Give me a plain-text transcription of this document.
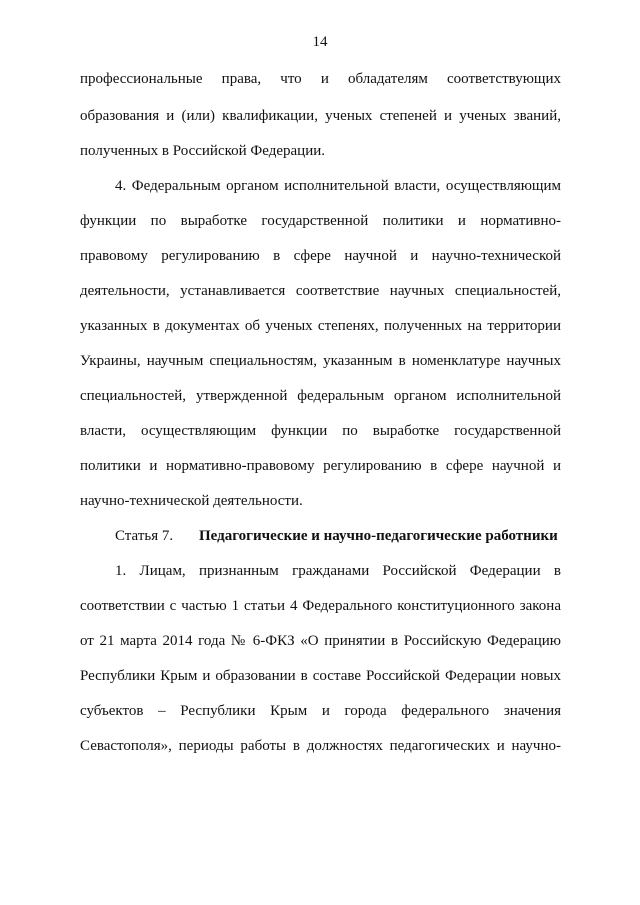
14
профессиональные права, что и обладателям соответствующих
образования и (или) квалификации, ученых степеней и ученых званий,
полученных в Российской Федерации.
4. Федеральным органом исполнительной власти, осуществляющим
функции по выработке государственной политики и нормативно-
правовому регулированию в сфере научной и научно-технической
деятельности, устанавливается соответствие научных специальностей,
указанных в документах об ученых степенях, полученных на территории
Украины, научным специальностям, указанным в номенклатуре научных
специальностей, утвержденной федеральным органом исполнительной
власти, осуществляющим функции по выработке государственной
политики и нормативно-правовому регулированию в сфере научной и
научно-технической деятельности.
Статья 7. Педагогические и научно-педагогические работники
1. Лицам, признанным гражданами Российской Федерации в
соответствии с частью 1 статьи 4 Федерального конституционного закона
от 21 марта 2014 года № 6-ФКЗ «О принятии в Российскую Федерацию
Республики Крым и образовании в составе Российской Федерации новых
субъектов – Республики Крым и города федерального значения
Севастополя», периоды работы в должностях педагогических и научно-
